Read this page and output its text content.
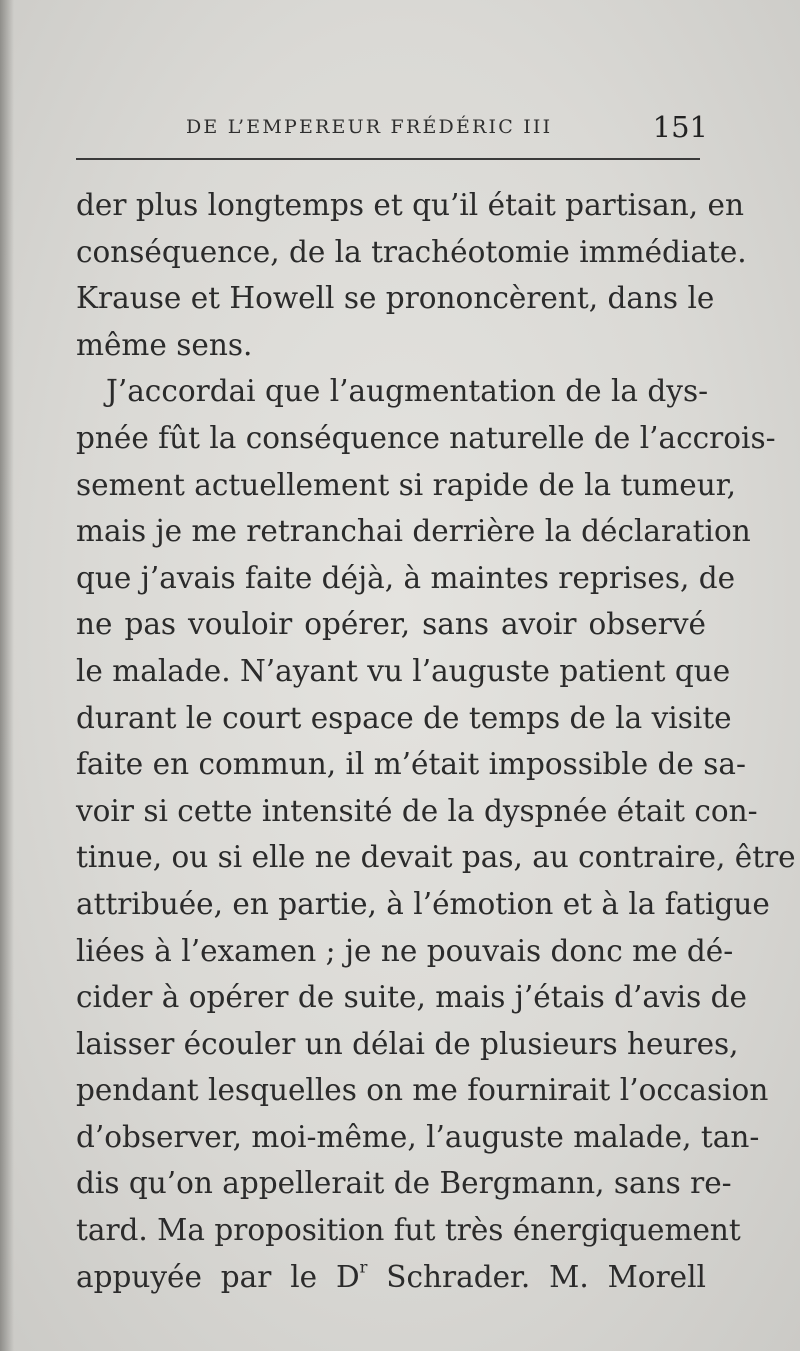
DE L’EMPEREUR FRÉDÉRIC III	151
der plus longtemps et qu’il était partisan, en
conséquence, de la trachéotomie immédiate.
Krause et Howell se prononcèrent, dans le
même sens.
J’accordai que l’augmentation de la dys-
pnée fût la conséquence naturelle de l’accrois-
sement actuellement si rapide de la tumeur,
mais je me retranchai derrière la déclaration
que j’avais faite déjà, à maintes reprises, de
ne pas vouloir opérer, sans avoir observé
le malade. N’ayant vu l’auguste patient que
durant le court espace de temps de la visite
faite en commun, il m’était impossible de sa-
voir si cette intensité de la dyspnée était con-
tinue, ou si elle ne devait pas, au contraire, être
attribuée, en partie, à l’émotion et à la fatigue
liées à l’examen ; je ne pouvais donc me dé-
cider à opérer de suite, mais j’étais d’avis de
laisser écouler un délai de plusieurs heures,
pendant lesquelles on me fournirait l’occasion
d’observer, moi-même, l’auguste malade, tan-
dis qu’on appellerait de Bergmann, sans re-
tard. Ma proposition fut très énergiquement
appuyée par le $D^r$ Schrader. M. Morell
